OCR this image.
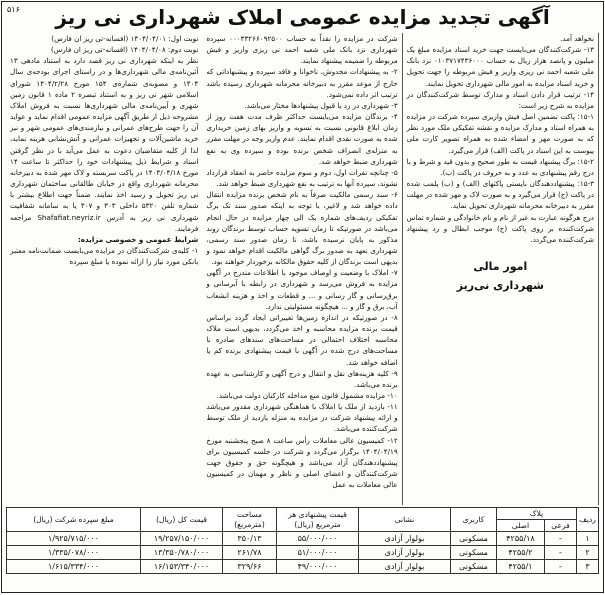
۵۱۶	آگهی تجدید مزایده عمومی املاک شهرداری نی ریز

نوبت اول: ۱۴۰۴/۰۴/۰۱ (افسانه-تی ریز ان فارس)

نوبت دوم: ۱۴۰۴/۰۴/۰۸ (افسانه-تی ریز ان فارس)

نظر به اینکه شهرداری نی ریز قصد دارد به استناد مادهی ۱۳ آئین‌نامه‌ی مالی شهرداری‌ها و در راستای اجرای بودجه‌ی سال ۱۴۰۴ و مصوبه‌ی شماره‌ی ۱۵۴ مورخ ۱۴۰۴/۲/۲۸ شورای اسلامی شهر نی ریز و به استناد تبصره ۲ ماده ۱ قانون زمین شهری و آیین‌نامه‌ی مالی شهرداری‌ها نسبت به فروش املاک مشروحه ذیل از طریق آگهی مزایده عمومی اقدام نماید و عواید آن را جهت طرح‌های عمرانی و نیازمندی‌های عمومی شهر و نیز خرید ماشین‌آلات و تجهیزات عمرانی و آتش‌نشانی هزینه نماید، لذا از کلیه متقاضیان دعوت به عمل می‌آید با در نظر گرفتن اسناد و شرایط ذیل پیشنهادات خود را حداکثر تا ساعت ۱۴ مورخ ۱۴۰۴/۰۴/۱۸ در پاکت سربسته و لاک مهر شده به دبیرخانه محرمانه شهرداری واقع در خیابان طالقانی ساختمان شهرداری نی ریز تحویل و رسید اخذ نمایند. ضمناً جهت اطلاع بیشتر با شماره تلفن ۵۳۲۰ داخلی ۳۰۳ و ۳۰۷ یا به سامانه شفافیت شهرداری نی ریز به آدرس Shafafiat.neyriz.ir مراجعه فرمایند.

شرایط عمومی و خصوصی مزایده:

۱- کلیه‌ی شرکت‌کنندگان در مزایده می‌بایست ضمانت‌نامه معتبر بانکی مورد نیاز را ارائه نموده یا مبلغ سپرده

شرکت در مزایده را نقداً به حساب ۰۰۰۴۳۲۶۶۰۹۲۵۰۰ سپرده شهرداری نزد بانک ملی شعبه احمد نی ریزی واریز و فیش مربوطه را ضمیمه پیشنهاد نمایند.

۲- به پیشنهادات مخدوش، ناخوانا و فاقد سپرده و پیشنهاداتی که خارج از موعد مقرر به دبیرخانه محرمانه شهرداری رسیده باشد ترتیب اثر داده نمی‌شود.

۳- شهرداری در رد یا قبول پیشنهادها مختار می‌باشد.

۴- برندگان مزایده می‌بایست حداکثر ظرف مدت هفت روز از زمان ابلاغ قانونی نسبت به تسویه و واریز بهای زمین خریداری شده به صورت نقدی اقدام نمایند. عدم واریز وجه در مهلت مقرر به منزله‌ی انصراف شخص برنده بوده و سپرده وی به نفع شهرداری ضبط خواهد شد.

۵- چنانچه نفرات اول، دوم و سوم مزایده حاضر به انعقاد قرارداد نشوند، سپرده آنها به ترتیب به نفع شهرداری ضبط خواهد شد.

۶- سند رسمی مالکیت صرفاً به نام شخص برنده مزایده انتقال داده خواهد شد و لاغیر، با توجه به اینکه صدور سند تک برگ تفکیکی ردیف‌های شماره یک الی چهار مزایده در حال انجام می‌باشد در صورتیکه تا زمان تسویه حساب توسط برندگان روند مذکور به پایان نرسیده باشد، تا زمان صدور سند رسمی، شهرداری تعهد به صدور برگ گواهی مالکیت اقدام خواهد نمود و بدیهی است برندگان از کلیه حقوق مالکانه برخوردار خواهند بود.

۷- املاک با وضعیت و اوصاف موجود با اطلاعات مندرج در آگهی مزایده به فروش می‌رسد و شهرداری در رابطه با آبرسانی و برق‌رسانی و گاز رسانی و ... و قطعات و اخذ و هزینه انشعاب آب، برق و گاز و ... هیچگونه مسئولیتی ندارد.

۸- در صورتیکه در اندازه زمین‌ها تغییراتی ایجاد گردد براساس قیمت برنده مزایده محاسبه و اخذ می‌گردد، بدیهی است ملاک محاسبه اختلاف احتمالی در مساحت‌های سندهای صادره با مساحت‌های درج شده در آگهی با قیمت پیشنهادی برنده کم یا اضافه خواهد شد.

۹- کلیه هزینه‌های نقل و انتقال و درج آگهی و کارشناسی به عهده برنده می‌باشد.

۱۰- مزایده مشمول قانون منع مداخله کارکنان دولت می‌باشد.

۱۱- بازدید از ملک یا املاک با هماهنگی شهرداری مقدور می‌باشد و ارائه پیشنهاد شرکت در مزایده به منزله بازدید از ملک توسط شرکت‌کننده می‌باشد.

۱۲- کمیسیون عالی معاملات رأس ساعت ۸ صبح پنجشنبه مورخ ۱۴۰۴/۰۴/۱۹ برگزار می‌گردد و شرکت در جلسه کمیسیون برای پیشنهاددهندگان آزاد می‌باشد و هیچگونه حق و حقوق جهت شرکت‌کنندگان و اعضای اصلی و ناظر و مهمان در کمیسیون عالی معاملات به عمل

نخواهد آمد.

۱۳- شرکت‌کنندگان می‌بایست جهت خرید اسناد مزایده مبلغ یک میلیون و پانصد هزار ریال به حساب ۰۱۰۳۷۱۷۴۳۶۰۰۰ نزد بانک ملی شعبه احمد نی ریزی واریز و فیش مربوطه را جهت تحویل و خرید اسناد مزایده به امور مالی شهرداری تحویل نمایند.

۱۴- ترتیب قرار دادن اسناد و مدارک توسط شرکت‌کنندگان در مزایده به شرح زیر است:

۱۵-۱: پاکت تضمین اصل فیش واریزی سپرده شرکت در مزایده به همراه اسناد و مدارک مزایده و نقشه تفکیکی ملک مورد نظر که به صورت مهر و امضاء شده به همراه تصویر کارت ملی پیوست به این اسناد در پاکت (الف) قرار می‌گیرد.

۱۵-۲: برگ پیشنهاد قیمت به طور صحیح و بدون قید و شرط و با درج رقم پیشنهادی به عدد و به حروف در پاکت (ب).

۱۵-۳: پیشنهاددهندگان بایستی پاکتهای (الف) و (ب) پلمب شده در پاکت (ج) قرار می‌گیرد و به صورت لاک و مهر شده در مهلت مقرر به دبیرخانه محرمانه شهرداری تحویل نماید.

درج هرگونه عبارت به غیر از نام و نام خانوادگی و شماره تماس شرکت‌کننده بر روی پاکت (ج) موجب ابطال و رد پیشنهاد شرکت‌کننده می‌گردد.

امور مالی
شهرداری نی‌ریز
ردیف	پلاک		کاربری	نشانی	قیمت پیشنهادی هر مترمربع (ریال)	مساحت (مترمربع)	قیمت کل (ریال)	مبلغ سپرده شرکت (ریال)
	فرعی	اصلی						
۱	-	۴۲۵۵/۱۸	مسکونی	بولوار آزادی	۵۵/۰۰۰/۰۰۰	۳۵۰/۱۳	۱۹/۲۵۷/۱۵۰/۰۰۰	۱/۹۲۵/۷۱۵/۰۰۰
۲	-	۴۲۵۵/۲	مسکونی	بولوار آزادی	۵۱/۰۰۰/۰۰۰	۲۶۱/۷۸	۱۳/۳۵۰/۷۸۰/۰۰۰	۱/۳۳۵/۰۷۸/۰۰۰
۳	-	۴۲۵۵/۱	مسکونی	بولوار آزادی	۴۹/۰۰۰/۰۰۰	۳۲۹/۶۶	۱۶/۱۵۳/۳۴۰/۰۰۰	۱/۶۱۵/۳۳۴/۰۰۰
